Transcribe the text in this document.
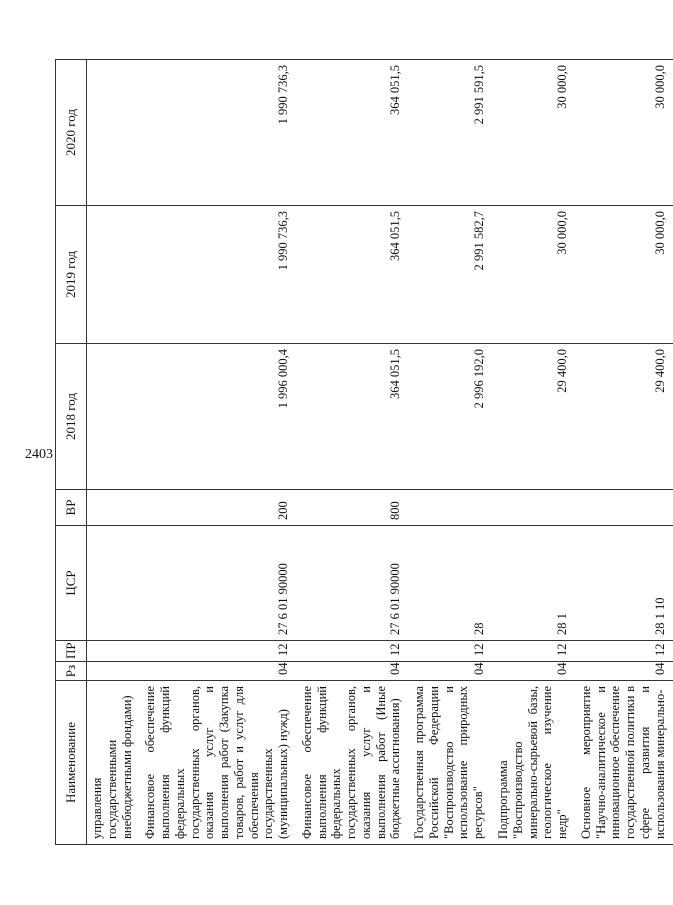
2403
Наименование	Рз	ПР	ЦСР	ВР	2018 год	2019 год	2020 год
управления государственными внебюджетными фондами)							
Финансовое обеспечение выполнения функций федеральных государственных органов, оказания услуг и выполнения работ (Закупка товаров, работ и услуг для обеспечения государственных (муниципальных) нужд)	04	12	27 6 01 90000	200	1 996 000,4	1 990 736,3	1 990 736,3
Финансовое обеспечение выполнения функций федеральных государственных органов, оказания услуг и выполнения работ (Иные бюджетные ассигнования)	04	12	27 6 01 90000	800	364 051,5	364 051,5	364 051,5
Государственная программа Российской Федерации "Воспроизводство и использование природных ресурсов"	04	12	28		2 996 192,0	2 991 582,7	2 991 591,5
Подпрограмма "Воспроизводство минерально-сырьевой базы, геологическое изучение недр"	04	12	28 1		29 400,0	30 000,0	30 000,0
Основное мероприятие "Научно-аналитическое и инновационное обеспечение государственной политики в сфере развития и использования минерально-	04	12	28 1 10		29 400,0	30 000,0	30 000,0
